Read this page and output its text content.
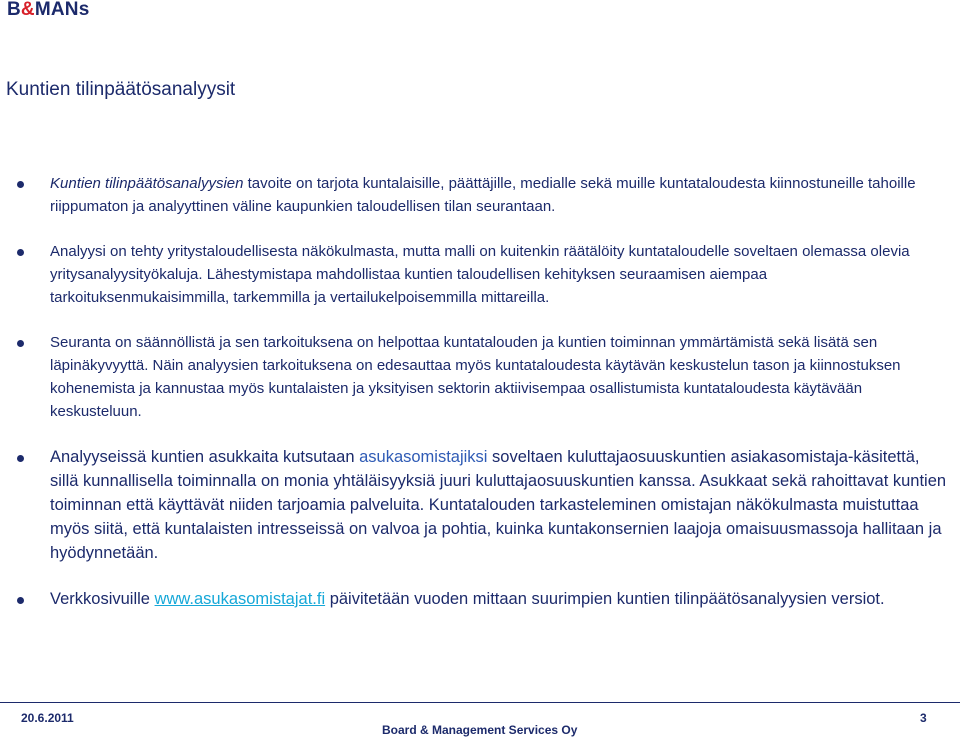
B&MANs
Kuntien tilinpäätösanalyysit
Kuntien tilinpäätösanalyysien tavoite on tarjota kuntalaisille, päättäjille, medialle sekä muille kuntataloudesta kiinnostuneille tahoille riippumaton ja analyyttinen väline kaupunkien taloudellisen tilan seurantaan.
Analyysi on tehty yritystaloudellisesta näkökulmasta, mutta malli on kuitenkin räätälöity kuntataloudelle soveltaen olemassa olevia yritysanalyysityökaluja. Lähestymistapa mahdollistaa kuntien taloudellisen kehityksen seuraamisen aiempaa tarkoituksenmukaisimmilla, tarkemmilla ja vertailukelpoisemmilla mittareilla.
Seuranta on säännöllistä ja sen tarkoituksena on helpottaa kuntatalouden ja kuntien toiminnan ymmärtämistä sekä lisätä sen läpinäkyvyyttä. Näin analyysien tarkoituksena on edesauttaa myös kuntataloudesta käytävän keskustelun tason ja kiinnostuksen kohenemista ja kannustaa myös kuntalaisten ja yksityisen sektorin aktiivisempaa osallistumista kuntataloudesta käytävään keskusteluun.
Analyyseissä kuntien asukkaita kutsutaan asukasomistajiksi soveltaen kuluttajaosuuskuntien asiakasomistaja-käsitettä, sillä kunnallisella toiminnalla on monia yhtäläisyyksiä juuri kuluttajaosuuskuntien kanssa. Asukkaat sekä rahoittavat kuntien toiminnan että käyttävät niiden tarjoamia palveluita. Kuntatalouden tarkasteleminen omistajan näkökulmasta muistuttaa myös siitä, että kuntalaisten intresseissä on valvoa ja pohtia, kuinka kuntakonsernien laajoja omaisuusmassoja hallitaan ja hyödynnetään.
Verkkosivuille www.asukasomistajat.fi päivitetään vuoden mittaan suurimpien kuntien tilinpäätösanalyysien versiot.
20.6.2011
Board & Management Services Oy
3
